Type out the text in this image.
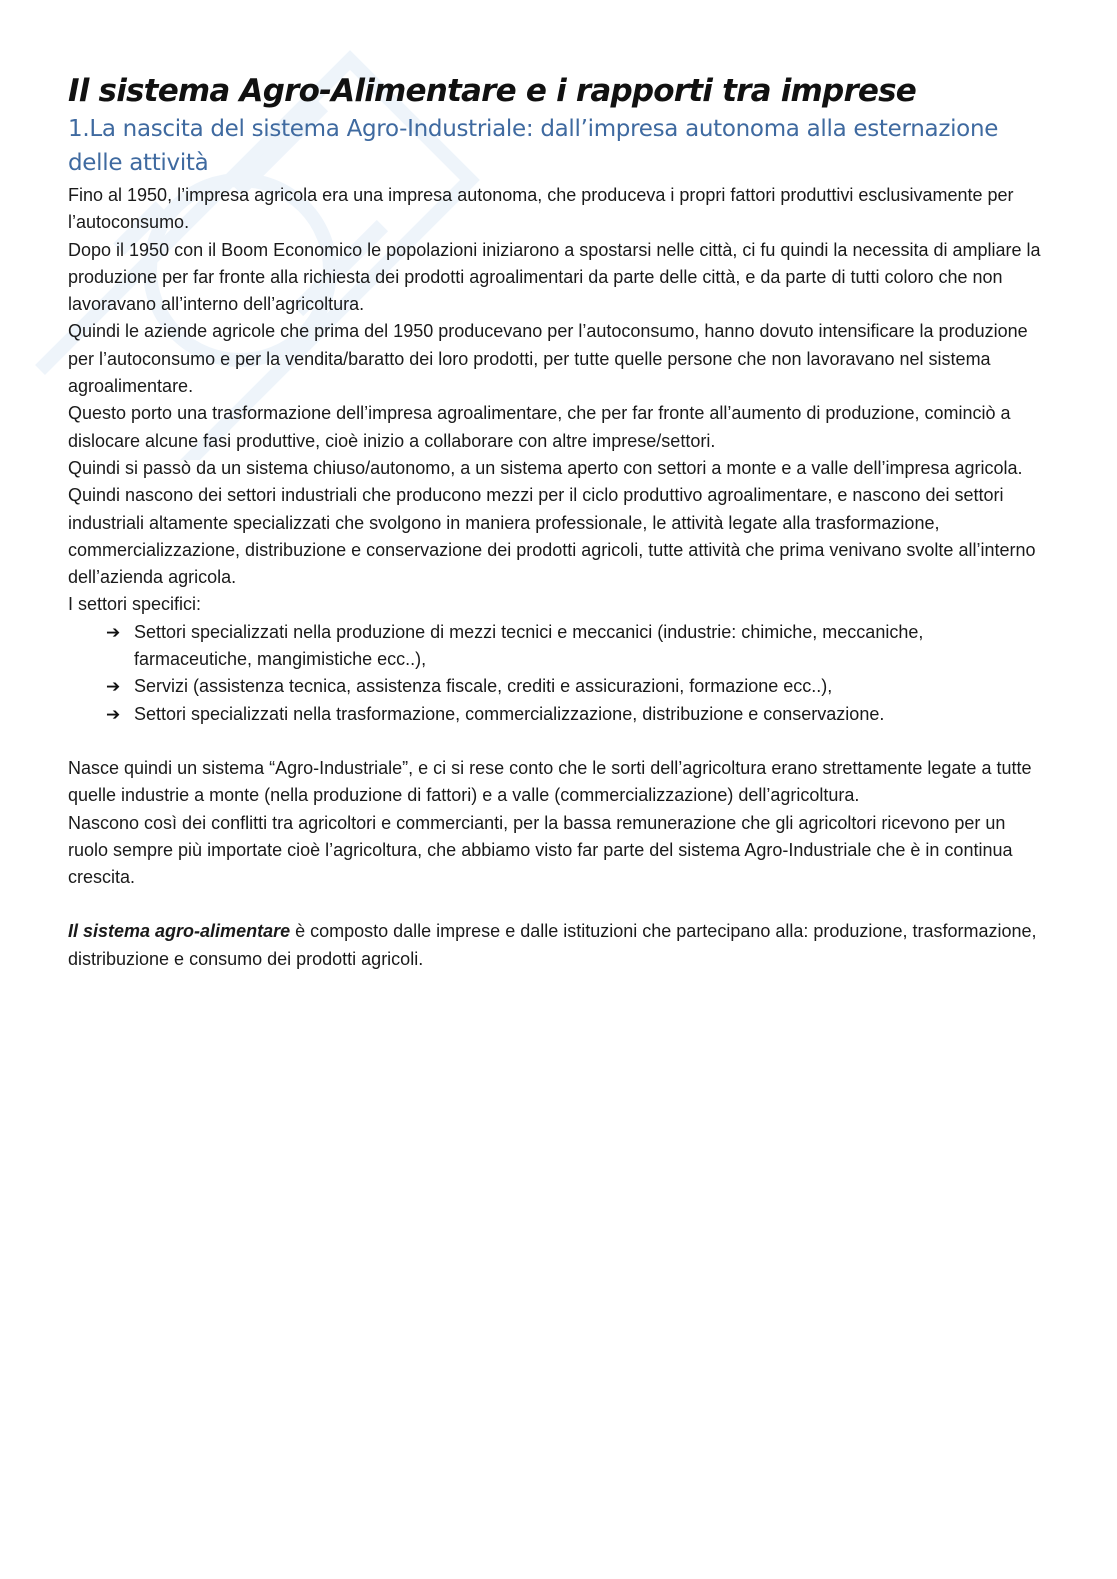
Il sistema Agro-Alimentare e i rapporti tra imprese
1.La nascita del sistema Agro-Industriale: dall’impresa autonoma alla esternazione delle attività

Fino al 1950, l’impresa agricola era una impresa autonoma, che produceva i propri fattori produttivi esclusivamente per l’autoconsumo.

Dopo il 1950 con il Boom Economico le popolazioni iniziarono a spostarsi nelle città, ci fu quindi la necessita di ampliare la produzione per far fronte alla richiesta dei prodotti agroalimentari da parte delle città, e da parte di tutti coloro che non lavoravano all’interno dell’agricoltura.

Quindi le aziende agricole che prima del 1950 producevano per l’autoconsumo, hanno dovuto intensificare la produzione per l’autoconsumo e per la vendita/baratto dei loro prodotti, per tutte quelle persone che non lavoravano nel sistema agroalimentare.

Questo porto una trasformazione dell’impresa agroalimentare, che per far fronte all’aumento di produzione, cominciò a dislocare alcune fasi produttive, cioè inizio a collaborare con altre imprese/settori.

Quindi si passò da un sistema chiuso/autonomo, a un sistema aperto con settori a monte e a valle dell’impresa agricola.

Quindi nascono dei settori industriali che producono mezzi per il ciclo produttivo agroalimentare, e nascono dei settori industriali altamente specializzati che svolgono in maniera professionale, le attività legate alla trasformazione, commercializzazione, distribuzione e conservazione dei prodotti agricoli, tutte attività che prima venivano svolte all’interno dell’azienda agricola.

I settori specifici:

➔ Settori specializzati nella produzione di mezzi tecnici e meccanici (industrie: chimiche, meccaniche, farmaceutiche, mangimistiche ecc..),
➔ Servizi (assistenza tecnica, assistenza fiscale, crediti e assicurazioni, formazione ecc..),
➔ Settori specializzati nella trasformazione, commercializzazione, distribuzione e conservazione.

Nasce quindi un sistema “Agro-Industriale”, e ci si rese conto che le sorti dell’agricoltura erano strettamente legate a tutte quelle industrie a monte (nella produzione di fattori) e a valle (commercializzazione) dell’agricoltura.

Nascono così dei conflitti tra agricoltori e commercianti, per la bassa remunerazione che gli agricoltori ricevono per un ruolo sempre più importate cioè l’agricoltura, che abbiamo visto far parte del sistema Agro-Industriale che è in continua crescita.

Il sistema agro-alimentare è composto dalle imprese e dalle istituzioni che partecipano alla: produzione, trasformazione, distribuzione e consumo dei prodotti agricoli.
